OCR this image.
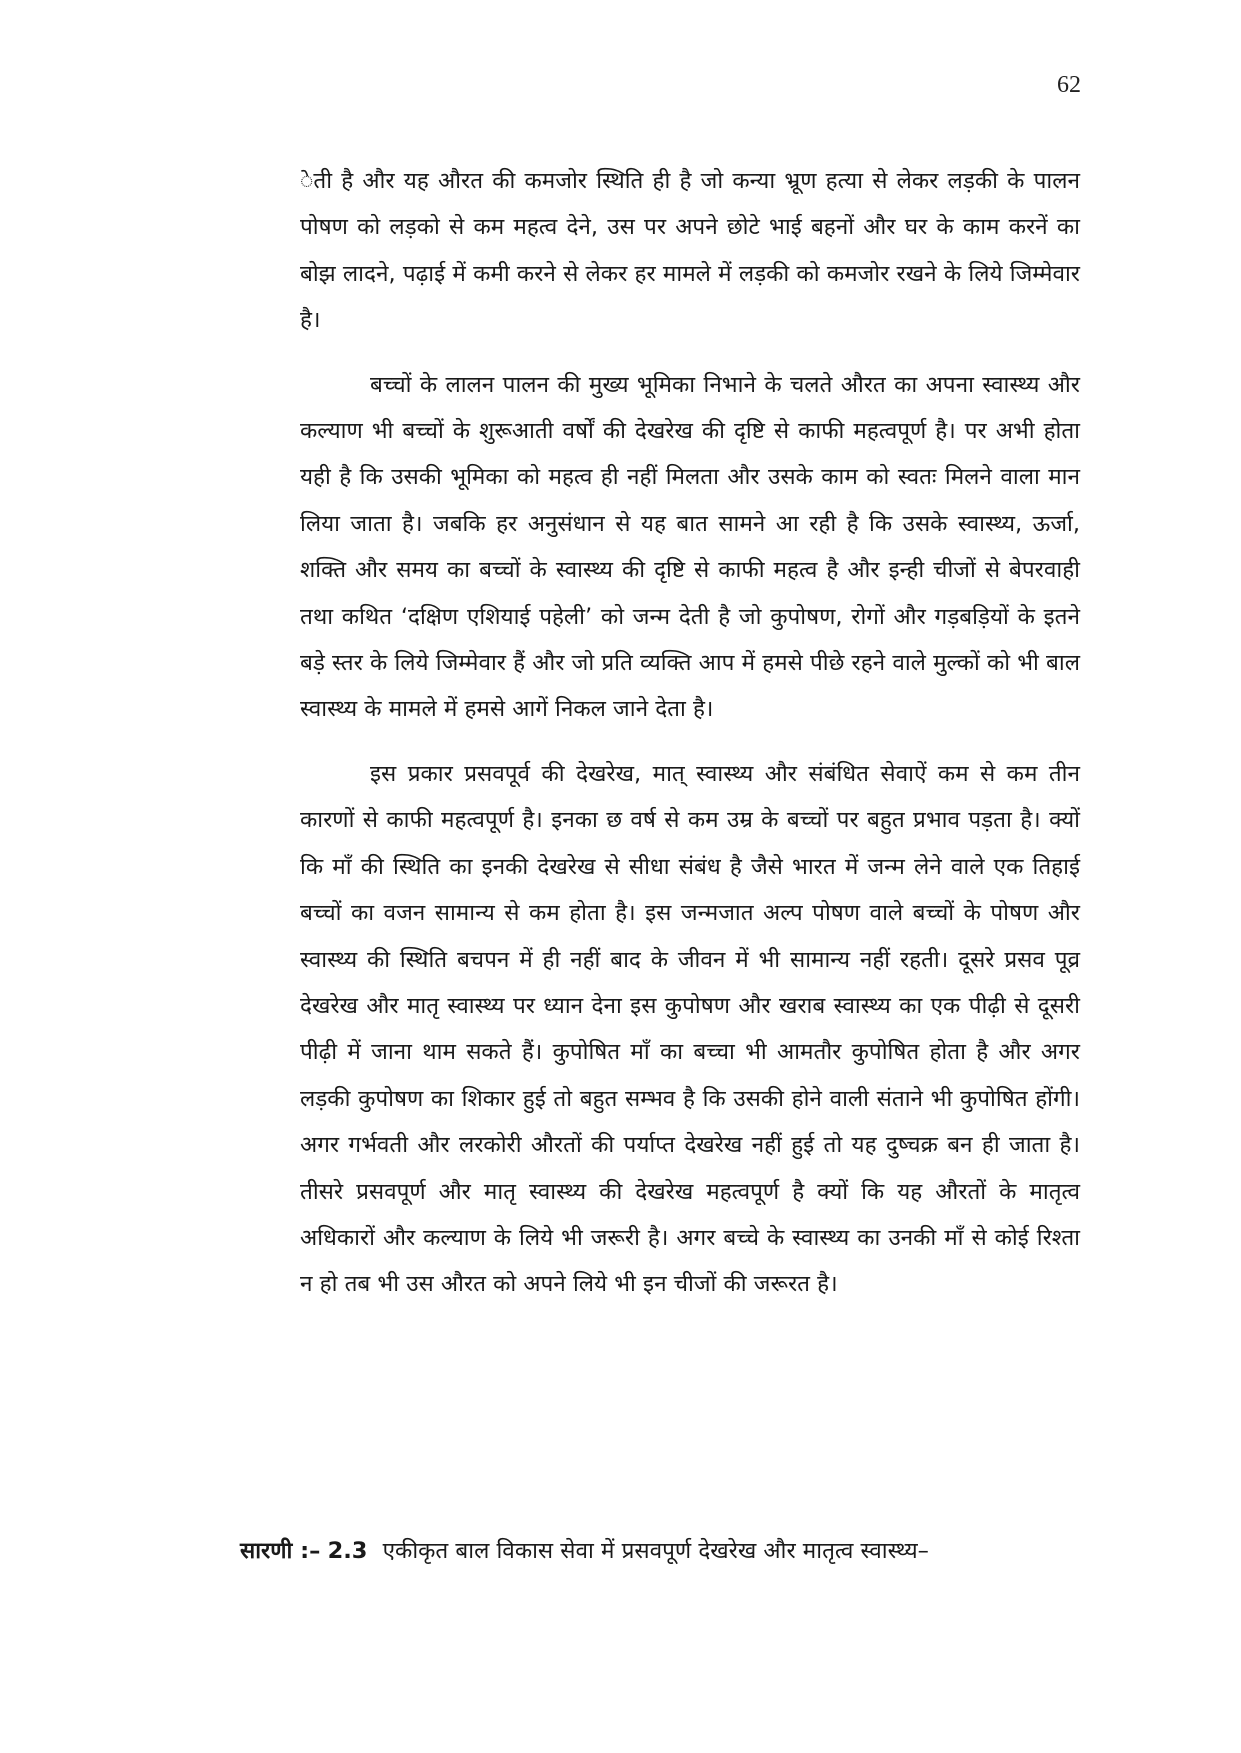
62

ेती है और यह औरत की कमजोर स्थिति ही है जो कन्या भ्रूण हत्या से लेकर लड़की के पालन पोषण को लड़को से कम महत्व देने, उस पर अपने छोटे भाई बहनों और घर के काम करनें का बोझ लादने, पढ़ाई में कमी करने से लेकर हर मामले में लड़की को कमजोर रखने के लिये जिम्मेवार है।

बच्चों के लालन पालन की मुख्य भूमिका निभाने के चलते औरत का अपना स्वास्थ्य और कल्याण भी बच्चों के शुरूआती वर्षों की देखरेख की दृष्टि से काफी महत्वपूर्ण है। पर अभी होता यही है कि उसकी भूमिका को महत्व ही नहीं मिलता और उसके काम को स्वतः मिलने वाला मान लिया जाता है। जबकि हर अनुसंधान से यह बात सामने आ रही है कि उसके स्वास्थ्य, ऊर्जा, शक्ति और समय का बच्चों के स्वास्थ्य की दृष्टि से काफी महत्व है और इन्ही चीजों से बेपरवाही तथा कथित ‘दक्षिण एशियाई पहेली’ को जन्म देती है जो कुपोषण, रोगों और गड़बड़ियों के इतने बड़े स्तर के लिये जिम्मेवार हैं और जो प्रति व्यक्ति आप में हमसे पीछे रहने वाले मुल्कों को भी बाल स्वास्थ्य के मामले में हमसे आगें निकल जाने देता है।

इस प्रकार प्रसवपूर्व की देखरेख, मात् स्वास्थ्य और संबंधित सेवाऐं कम से कम तीन कारणों से काफी महत्वपूर्ण है। इनका छ वर्ष से कम उम्र के बच्चों पर बहुत प्रभाव पड़ता है। क्यों कि माँ की स्थिति का इनकी देखरेख से सीधा संबंध है जैसे भारत में जन्म लेने वाले एक तिहाई बच्चों का वजन सामान्य से कम होता है। इस जन्मजात अल्प पोषण वाले बच्चों के पोषण और स्वास्थ्य की स्थिति बचपन में ही नहीं बाद के जीवन में भी सामान्य नहीं रहती। दूसरे प्रसव पूव्र देखरेख और मातृ स्वास्थ्य पर ध्यान देना इस कुपोषण और खराब स्वास्थ्य का एक पीढ़ी से दूसरी पीढ़ी में जाना थाम सकते हैं। कुपोषित माँ का बच्चा भी आमतौर कुपोषित होता है और अगर लड़की कुपोषण का शिकार हुई तो बहुत सम्भव है कि उसकी होने वाली संताने भी कुपोषित होंगी। अगर गर्भवती और लरकोरी औरतों की पर्याप्त देखरेख नहीं हुई तो यह दुष्चक्र बन ही जाता है। तीसरे प्रसवपूर्ण और मातृ स्वास्थ्य की देखरेख महत्वपूर्ण है क्यों कि यह औरतों के मातृत्व अधिकारों और कल्याण के लिये भी जरूरी है। अगर बच्चे के स्वास्थ्य का उनकी माँ से कोई रिश्ता न हो तब भी उस औरत को अपने लिये भी इन चीजों की जरूरत है।

सारणी :– 2.3 एकीकृत बाल विकास सेवा में प्रसवपूर्ण देखरेख और मातृत्व स्वास्थ्य–
